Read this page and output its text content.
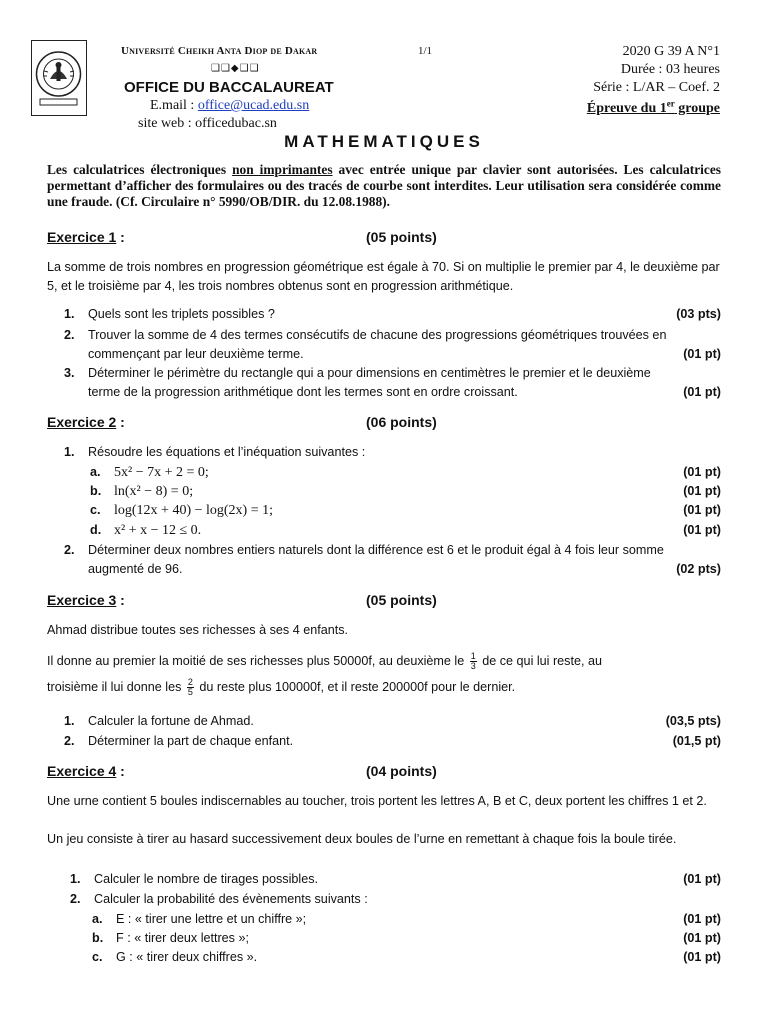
Université Cheikh Anta Diop de Dakar	1/1
❑❑◆❑❑
OFFICE DU BACCALAUREAT
E.mail : office@ucad.edu.sn
site web : officedubac.sn
2020 G 39 A N°1
Durée : 03 heures
Série : L/AR – Coef. 2
Épreuve du 1er groupe
MATHEMATIQUES
Les calculatrices électroniques non imprimantes avec entrée unique par clavier sont autorisées. Les calculatrices permettant d’afficher des formulaires ou des tracés de courbe sont interdites. Leur utilisation sera considérée comme une fraude. (Cf. Circulaire n° 5990/OB/DIR. du 12.08.1988).
Exercice 1 :	(05 points)
La somme de trois nombres en progression géométrique est égale à 70. Si on multiplie le premier par 4, le deuxième par 5, et le troisième par 4, les trois nombres obtenus sont en progression arithmétique.
1. Quels sont les triplets possibles ?	(03 pts)
2. Trouver la somme de 4 des termes consécutifs de chacune des progressions géométriques trouvées en commençant par leur deuxième terme.	(01 pt)
3. Déterminer le périmètre du rectangle qui a pour dimensions en centimètres le premier et le deuxième terme de la progression arithmétique dont les termes sont en ordre croissant.	(01 pt)
Exercice 2 :	(06 points)
1. Résoudre les équations et l’inéquation suivantes :
a. 5x² − 7x + 2 = 0;	(01 pt)
b. ln(x² − 8) = 0;	(01 pt)
c. log(12x + 40) − log(2x) = 1;	(01 pt)
d. x² + x − 12 ≤ 0.	(01 pt)
2. Déterminer deux nombres entiers naturels dont la différence est 6 et le produit égal à 4 fois leur somme augmenté de 96.	(02 pts)
Exercice 3 :	(05 points)
Ahmad distribue toutes ses richesses à ses 4 enfants.
Il donne au premier la moitié de ses richesses plus 50000f, au deuxième le $\frac{1}{3}$ de ce qui lui reste, au
troisième il lui donne les $\frac{2}{5}$ du reste plus 100000f, et il reste 200000f pour le dernier.
1. Calculer la fortune de Ahmad.	(03,5 pts)
2. Déterminer la part de chaque enfant.	(01,5 pt)
Exercice 4 :	(04 points)
Une urne contient 5 boules indiscernables au toucher, trois portent les lettres A, B et C, deux portent les chiffres 1 et 2.
Un jeu consiste à tirer au hasard successivement deux boules de l’urne en remettant à chaque fois la boule tirée.
1. Calculer le nombre de tirages possibles.	(01 pt)
2. Calculer la probabilité des évènements suivants :
a. E : « tirer une lettre et un chiffre »;	(01 pt)
b. F : « tirer deux lettres »;	(01 pt)
c. G : « tirer deux chiffres ».	(01 pt)
